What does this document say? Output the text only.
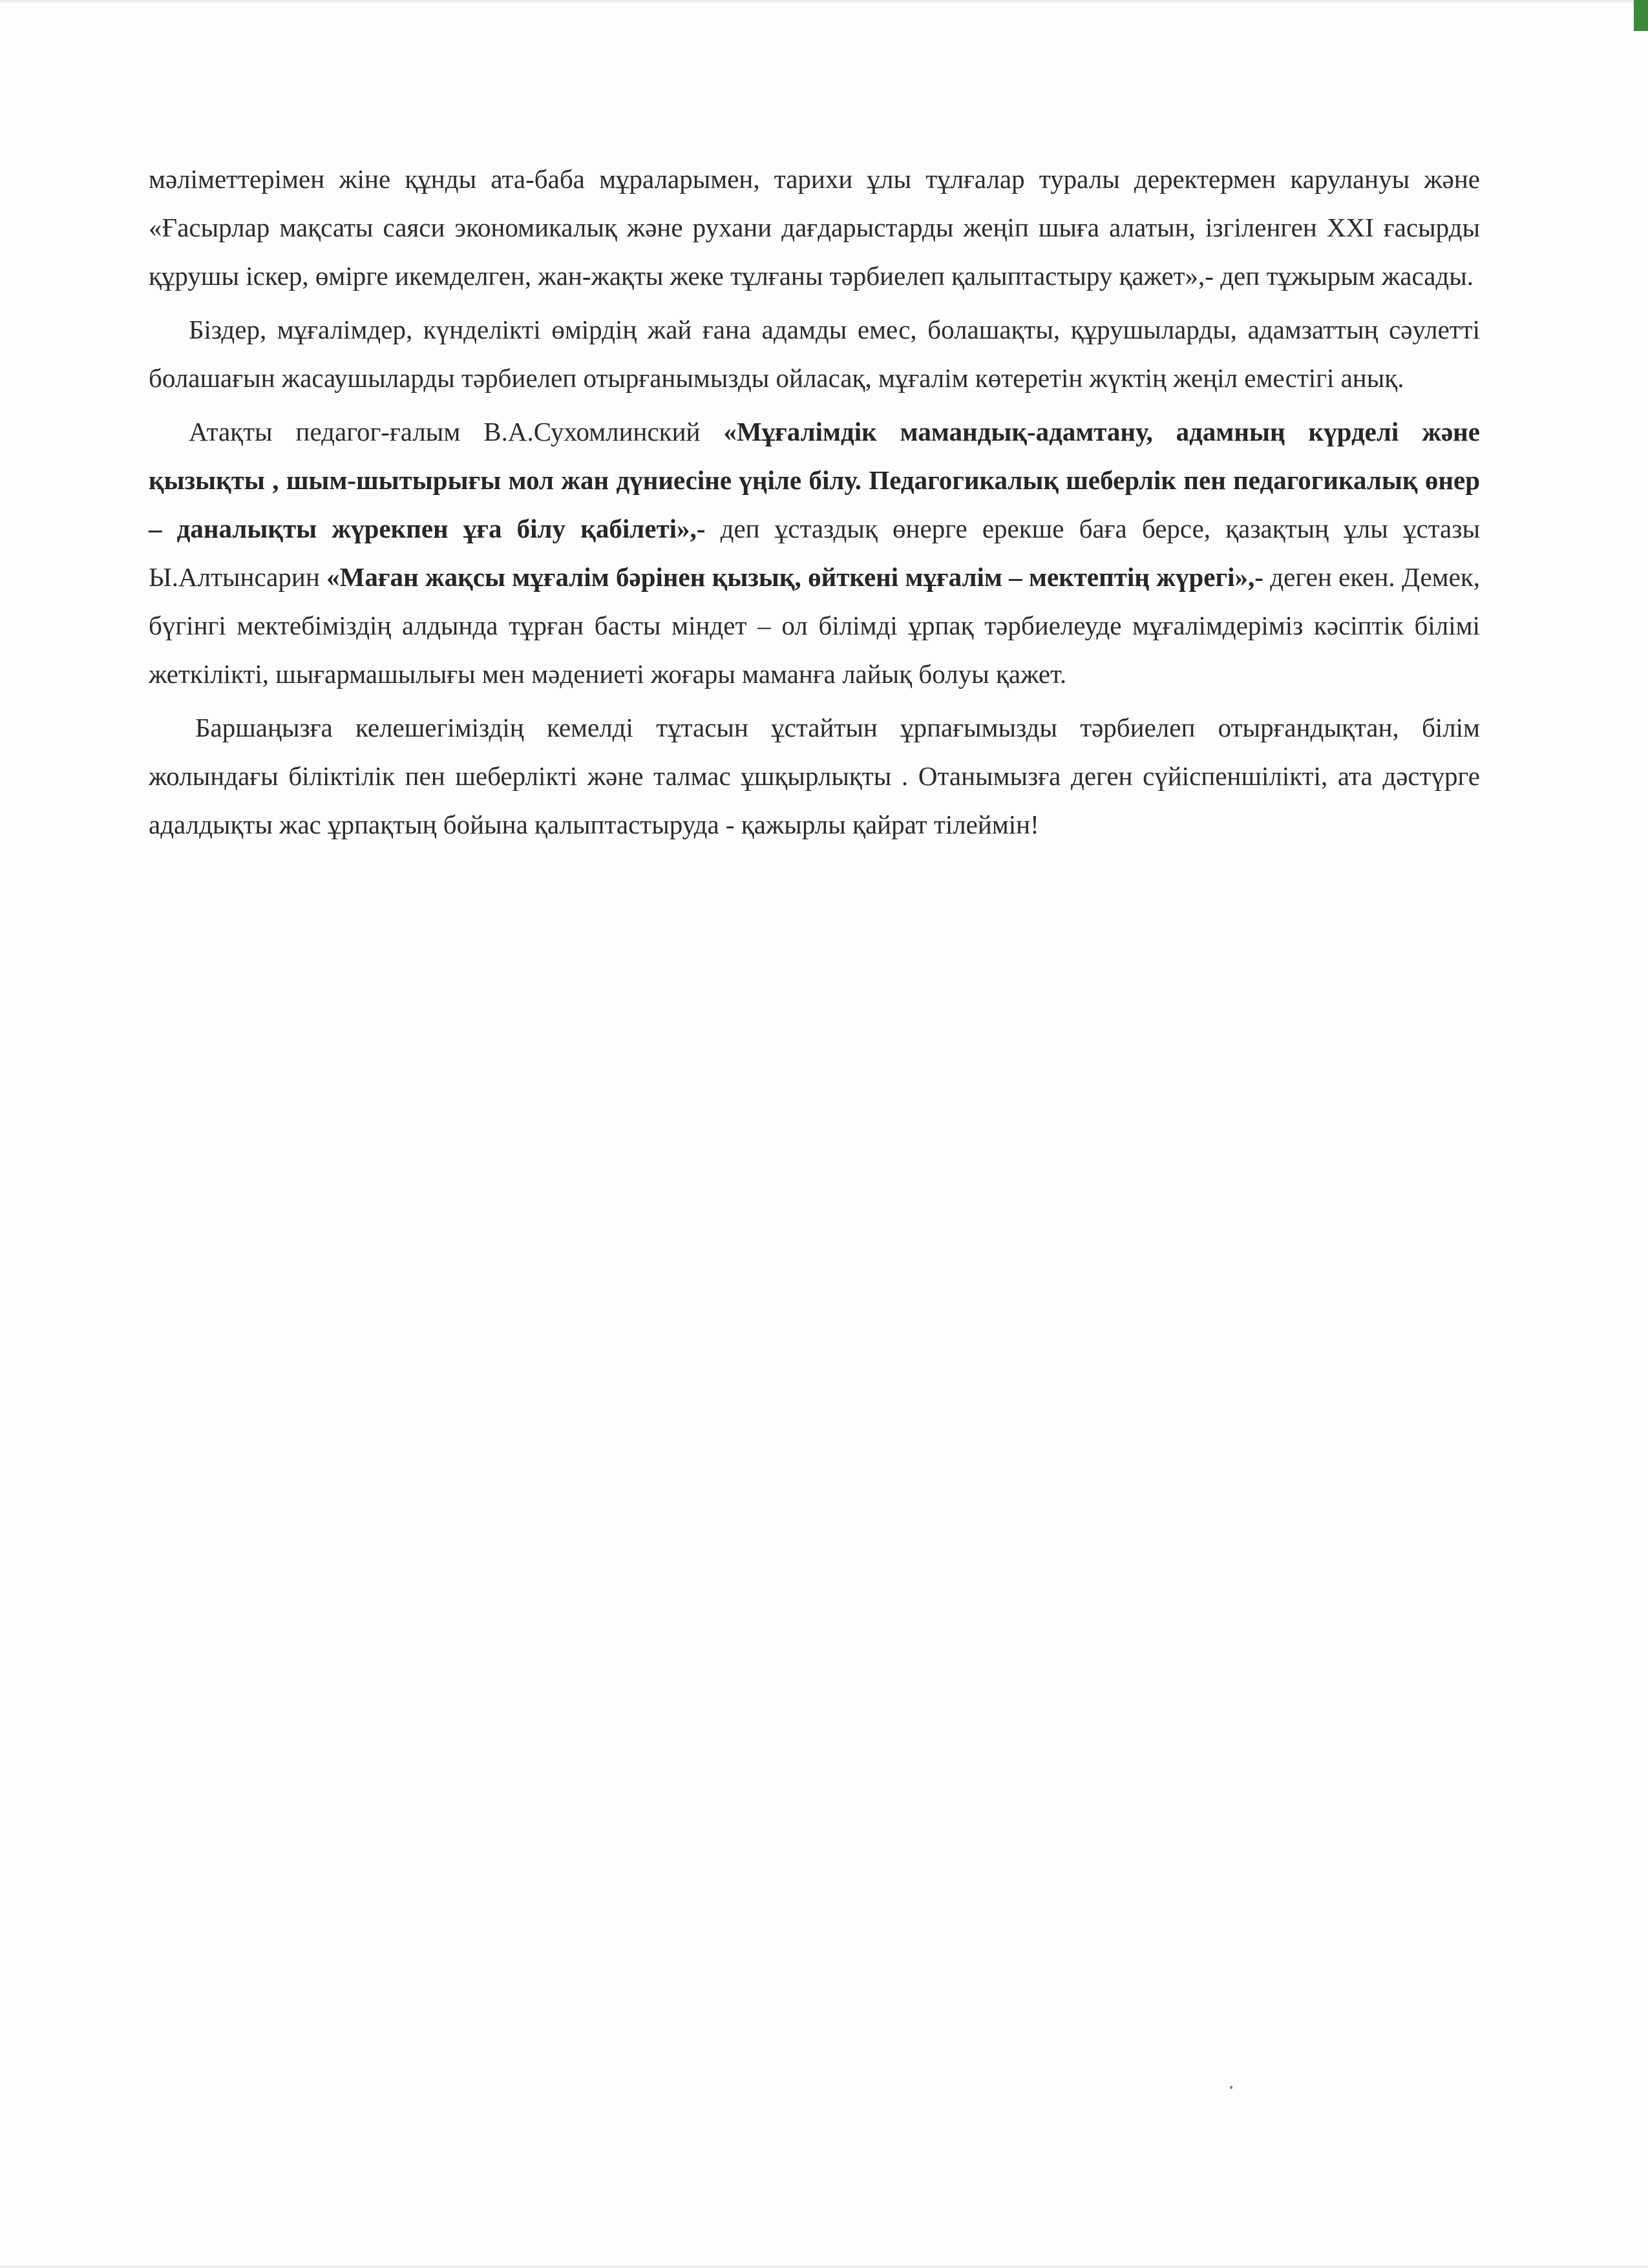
мәліметтерімен жіне құнды ата-баба мұраларымен, тарихи ұлы тұлғалар туралы деректермен каруланyы және «Ғасырлар мақсаты саяси экономикалық және рухани дағдарыстарды жеңіп шыға алатын, ізгіленген XXI ғасырды құрушы іскер, өмірге икемделген, жан-жақты жеке тұлғаны тәрбиелеп қалыптастыру қажет»,- деп тұжырым жасады.

Біздер, мұғалімдер, күнделікті өмірдің жай ғана адамды емес, болашақты, құрушыларды, адамзаттың сәулетті болашағын жасаушыларды тәрбиелеп отырғанымызды ойласақ, мұғалім көтеретін жүктің жеңіл еместігі анық.

Атақты педагог-ғалым В.А.Сухомлинский «Мұғалімдік мамандық-адамтану, адамның күрделі және қызықты , шым-шытырығы мол жан дүниесіне үңіле білу. Педагогикалық шеберлік пен педагогикалық өнер – даналықты жүрекпен ұға білу қабілеті»,- деп ұстаздық өнерге ерекше баға берсе, қазақтың ұлы ұстазы Ы.Алтынсарин «Маған жақсы мұғалім бәрінен қызық, өйткені мұғалім – мектептің жүрегі»,- деген екен. Демек, бүгінгі мектебіміздің алдында тұрған басты міндет – ол білімді ұрпақ тәрбиелеуде мұғалімдеріміз кәсіптік білімі жеткілікті, шығармашылығы мен мәдениеті жоғары маманға лайық болуы қажет.

Баршаңызға келешегіміздің кемелді тұтасын ұстайтын ұрпағымызды тәрбиелеп отырғандықтан, білім жолындағы біліктілік пен шеберлікті және талмас ұшқырлықты . Отанымызға деген сүйіспеншілікті, ата дәстүрге адалдықты жас ұрпақтың бойына қалыптастыруда - қажырлы қайрат тілеймін!
